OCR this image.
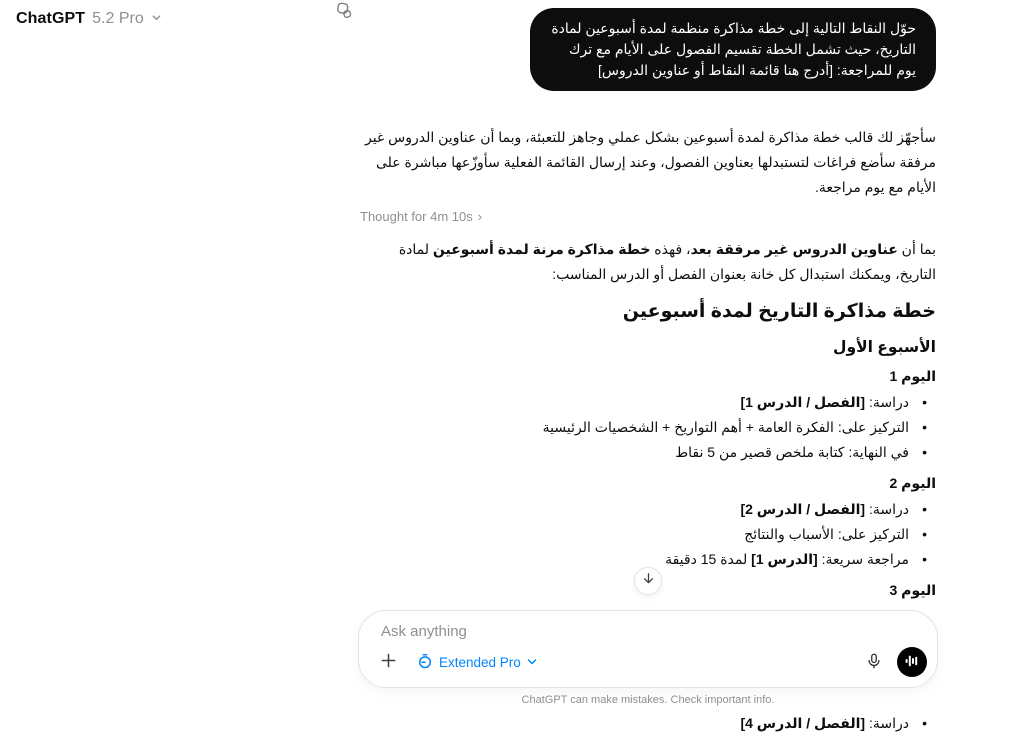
ChatGPT 5.2 Pro
حوّل النقاط التالية إلى خطة مذاكرة منظمة لمدة أسبوعين لمادة التاريخ، حيث تشمل الخطة تقسيم الفصول على الأيام مع ترك يوم للمراجعة: [أدرج هنا قائمة النقاط أو عناوين الدروس]

سأجهّز لك قالب خطة مذاكرة لمدة أسبوعين بشكل عملي وجاهز للتعبئة، وبما أن عناوين الدروس غير مرفقة سأضع فراغات لتستبدلها بعناوين الفصول، وعند إرسال القائمة الفعلية سأوزّعها مباشرة على الأيام مع يوم مراجعة.

Thought for 4m 10s ›

بما أن عناوين الدروس غير مرفقة بعد، فهذه خطة مذاكرة مرنة لمدة أسبوعين لمادة التاريخ، ويمكنك استبدال كل خانة بعنوان الفصل أو الدرس المناسب:

خطة مذاكرة التاريخ لمدة أسبوعين
الأسبوع الأول
اليوم 1
• دراسة: [الفصل / الدرس 1]
• التركيز على: الفكرة العامة + أهم التواريخ + الشخصيات الرئيسية
• في النهاية: كتابة ملخص قصير من 5 نقاط
اليوم 2
• دراسة: [الفصل / الدرس 2]
• التركيز على: الأسباب والنتائج
• مراجعة سريعة: [الدرس 1] لمدة 15 دقيقة
اليوم 3
•
•
•
• دراسة: [الفصل / الدرس 4]
Ask anything
Extended Pro
ChatGPT can make mistakes. Check important info.
